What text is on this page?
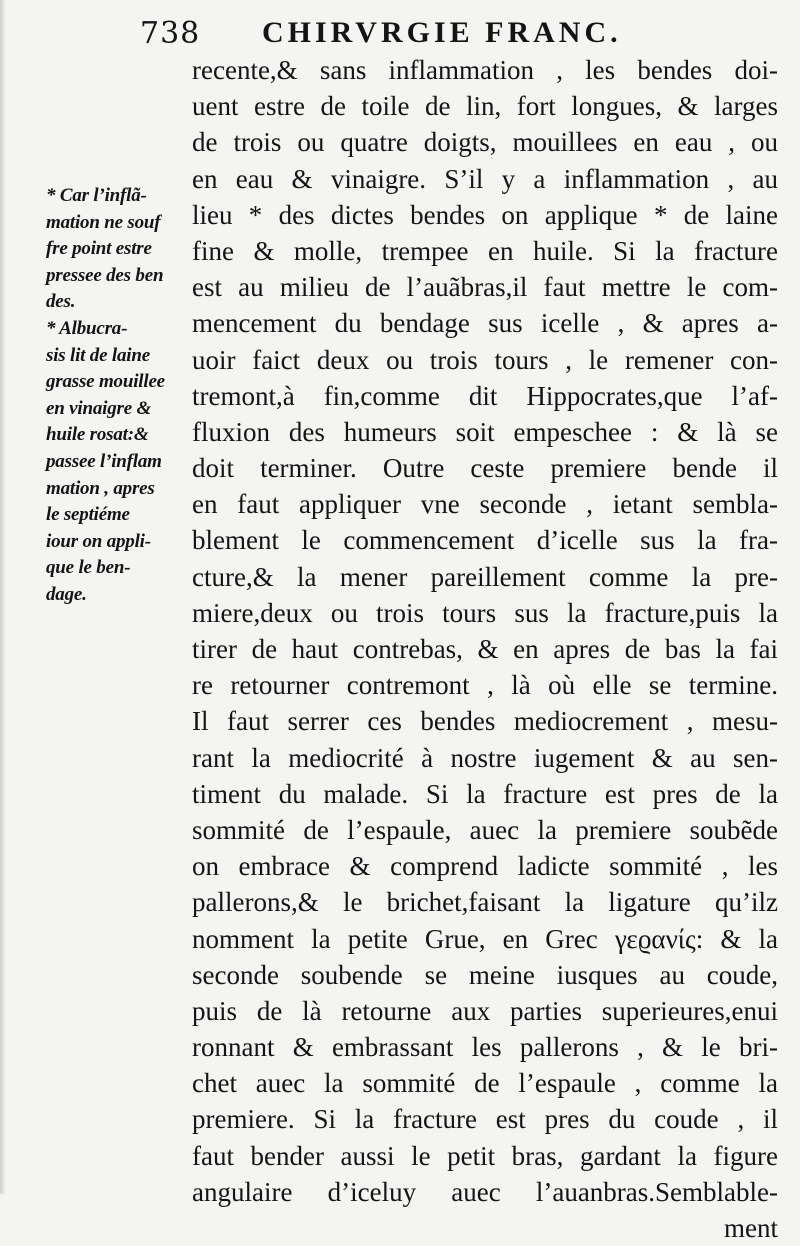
738 CHIRVRGIE FRANC.
* Car l’inflã-
mation ne souf
fre point estre
pressee des ben
des.
* Albucra-
sis lit de laine
grasse mouillee
en vinaigre &
huile rosat:&
passee l’inflam
mation , apres
le septiéme
iour on appli-
que le ben-
dage.
recente,& sans inflammation , les bendes doi-
uent estre de toile de lin, fort longues, & larges
de trois ou quatre doigts, mouillees en eau , ou
en eau & vinaigre. S’il y a inflammation , au
lieu * des dictes bendes on applique * de laine
fine & molle, trempee en huile. Si la fracture
est au milieu de l’auãbras,il faut mettre le com-
mencement du bendage sus icelle , & apres a-
uoir faict deux ou trois tours , le remener con-
tremont,à fin,comme dit Hippocrates,que l’af-
fluxion des humeurs soit empeschee : & là se
doit terminer. Outre ceste premiere bende il
en faut appliquer vne seconde , ietant sembla-
blement le commencement d’icelle sus la fra-
cture,& la mener pareillement comme la pre-
miere,deux ou trois tours sus la fracture,puis la
tirer de haut contrebas, & en apres de bas la fai
re retourner contremont , là où elle se termine.
Il faut serrer ces bendes mediocrement , mesu-
rant la mediocrité à nostre iugement & au sen-
timent du malade. Si la fracture est pres de la
sommité de l’espaule, auec la premiere soubẽde
on embrace & comprend ladicte sommité , les
pallerons,& le brichet,faisant la ligature qu’ilz
nomment la petite Grue, en Grec γεϱανίς: & la
seconde soubende se meine iusques au coude,
puis de là retourne aux parties superieures,enui
ronnant & embrassant les pallerons , & le bri-
chet auec la sommité de l’espaule , comme la
premiere. Si la fracture est pres du coude , il
faut bender aussi le petit bras, gardant la figure
angulaire d’iceluy auec l’auanbras.Semblable-
ment
